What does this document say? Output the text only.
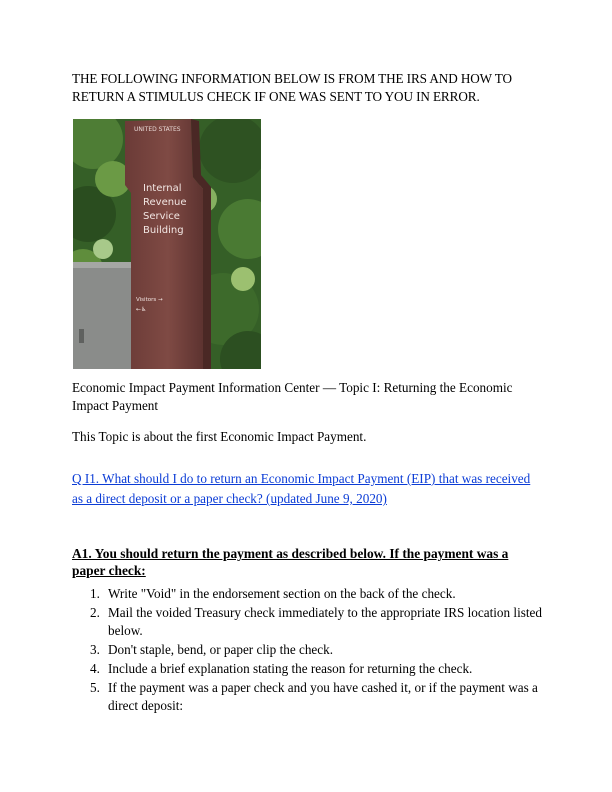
THE FOLLOWING INFORMATION BELOW IS FROM THE IRS AND HOW TO RETURN A STIMULUS CHECK IF ONE WAS SENT TO YOU IN ERROR.
UNITED STATES
Internal
Revenue
Service
Building
Visitors →
←♿
Economic Impact Payment Information Center — Topic I: Returning the Economic Impact Payment
This Topic is about the first Economic Impact Payment.
Q I1. What should I do to return an Economic Impact Payment (EIP) that was received as a direct deposit or a paper check? (updated June 9, 2020)
A1. You should return the payment as described below. If the payment was a paper check:
1. Write "Void" in the endorsement section on the back of the check.
2. Mail the voided Treasury check immediately to the appropriate IRS location listed below.
3. Don't staple, bend, or paper clip the check.
4. Include a brief explanation stating the reason for returning the check.
5. If the payment was a paper check and you have cashed it, or if the payment was a direct deposit:
